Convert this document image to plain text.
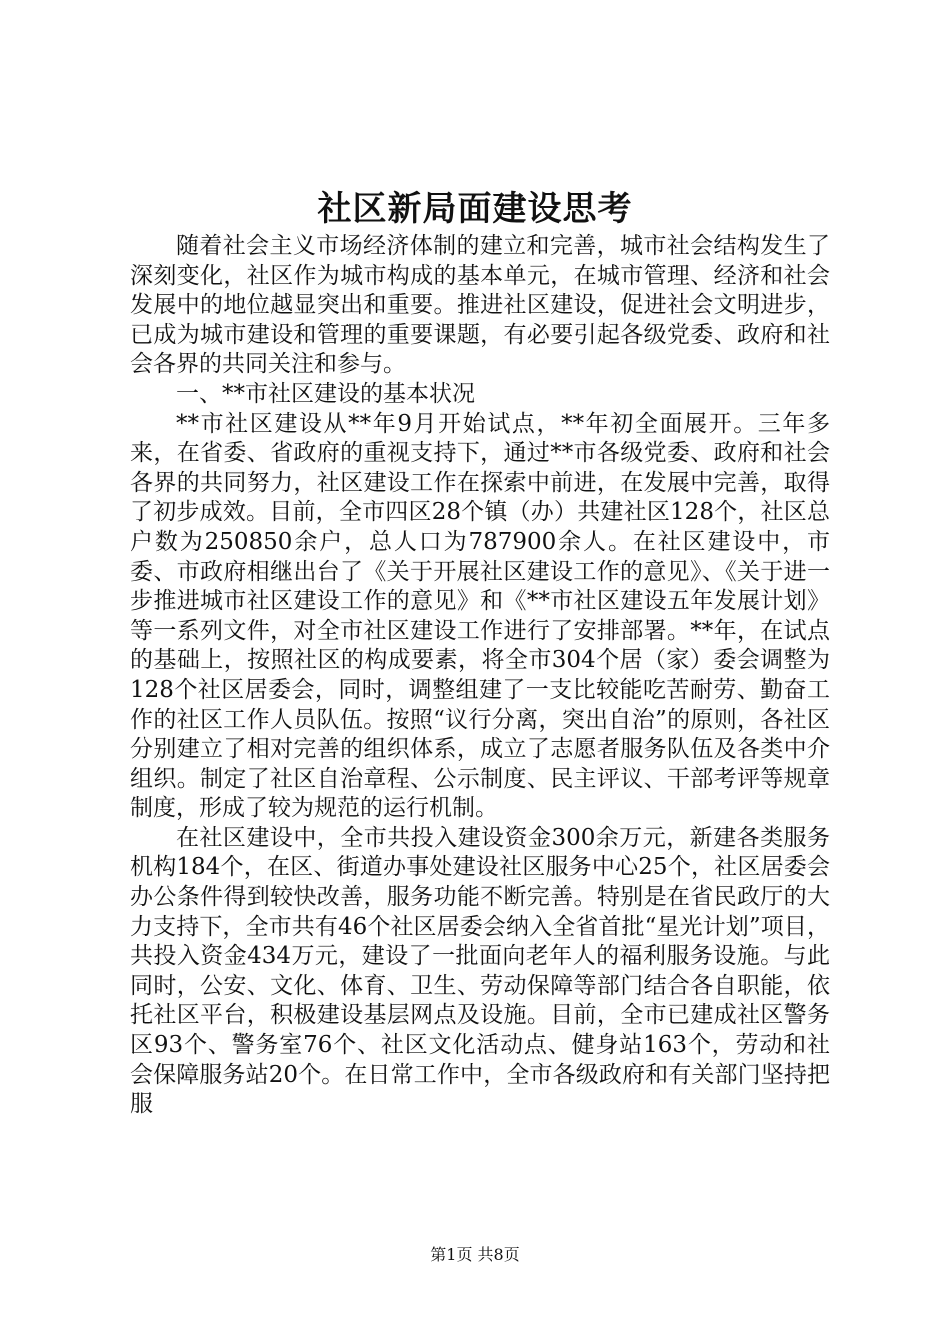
社区新局面建设思考

随着社会主义市场经济体制的建立和完善，城市社会结构发生了深刻变化，社区作为城市构成的基本单元，在城市管理、经济和社会发展中的地位越显突出和重要。推进社区建设，促进社会文明进步，已成为城市建设和管理的重要课题，有必要引起各级党委、政府和社会各界的共同关注和参与。

一、**市社区建设的基本状况

**市社区建设从**年9月开始试点，**年初全面展开。三年多来，在省委、省政府的重视支持下，通过**市各级党委、政府和社会各界的共同努力，社区建设工作在探索中前进，在发展中完善，取得了初步成效。目前，全市四区28个镇（办）共建社区128个，社区总户数为250850余户，总人口为787900余人。在社区建设中，市委、市政府相继出台了《关于开展社区建设工作的意见》、《关于进一步推进城市社区建设工作的意见》和《**市社区建设五年发展计划》等一系列文件，对全市社区建设工作进行了安排部署。**年，在试点的基础上，按照社区的构成要素，将全市304个居（家）委会调整为128个社区居委会，同时，调整组建了一支比较能吃苦耐劳、勤奋工作的社区工作人员队伍。按照“议行分离，突出自治”的原则，各社区分别建立了相对完善的组织体系，成立了志愿者服务队伍及各类中介组织。制定了社区自治章程、公示制度、民主评议、干部考评等规章制度，形成了较为规范的运行机制。

在社区建设中，全市共投入建设资金300余万元，新建各类服务机构184个，在区、街道办事处建设社区服务中心25个，社区居委会办公条件得到较快改善，服务功能不断完善。特别是在省民政厅的大力支持下，全市共有46个社区居委会纳入全省首批“星光计划”项目，共投入资金434万元，建设了一批面向老年人的福利服务设施。与此同时，公安、文化、体育、卫生、劳动保障等部门结合各自职能，依托社区平台，积极建设基层网点及设施。目前，全市已建成社区警务区93个、警务室76个、社区文化活动点、健身站163个，劳动和社会保障服务站20个。在日常工作中，全市各级政府和有关部门坚持把服

第1页 共8页
